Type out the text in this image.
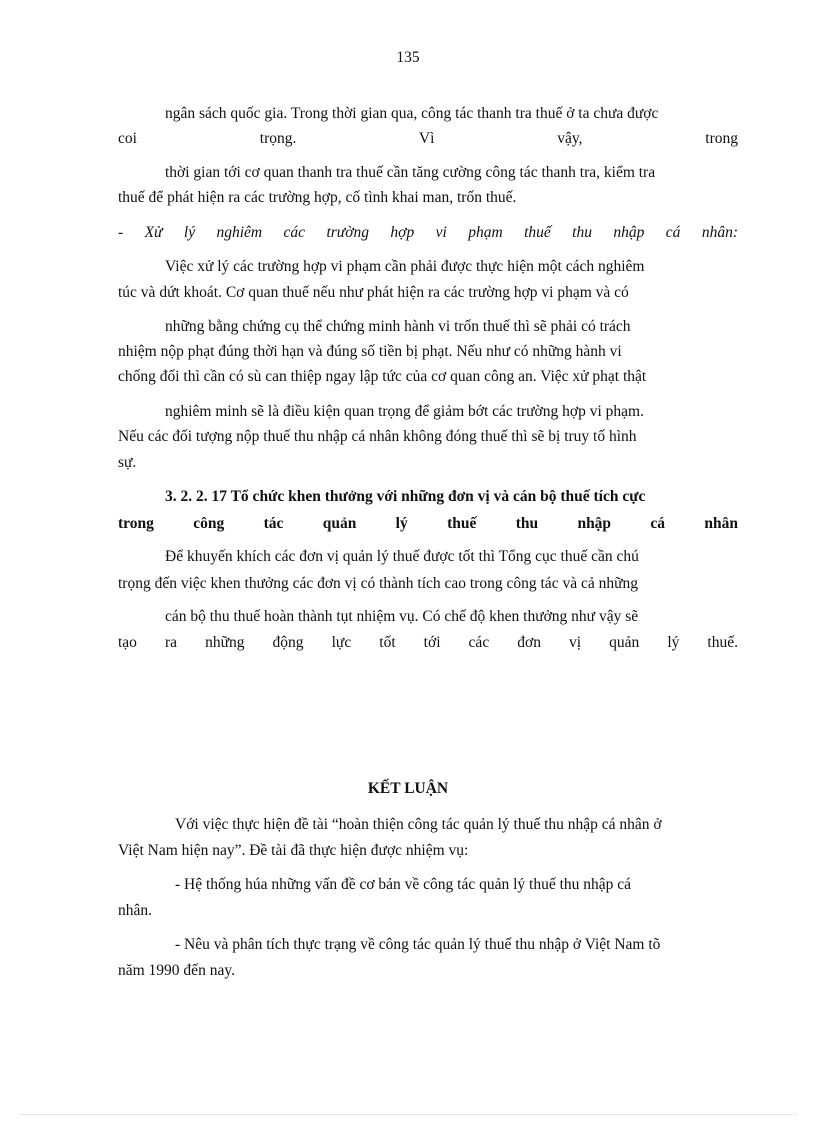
135
ngân sách quốc gia. Trong thời gian qua, công tác thanh tra thuế ở ta chưa được
coi trọng. Vì vậy, trong
thời gian tới cơ quan thanh tra thuế cần tăng cường công tác thanh tra, kiểm tra
thuế để phát hiện ra các trường hợp, cố tình khai man, trốn thuế.
- Xử lý nghiêm các trường hợp vi phạm thuế thu nhập cá nhân:
Việc xử lý các trường hợp vi phạm cần phải được thực hiện một cách nghiêm
túc và dứt khoát. Cơ quan thuế nếu như phát hiện ra các trường hợp vi phạm và có
những bằng chứng cụ thể chứng minh hành vi trốn thuế thì sẽ phải có trách
nhiệm nộp phạt đúng thời hạn và đúng số tiền bị phạt. Nếu như có những hành vi
chống đối thì cần có sù can thiệp ngay lập tức của cơ quan công an. Việc xử phạt thật
nghiêm minh sẽ là điều kiện quan trọng để giảm bớt các trường hợp vi phạm.
Nếu các đối tượng nộp thuế thu nhập cá nhân không đóng thuế thì sẽ bị truy tố hình
sự.
3. 2. 2. 17 Tổ chức khen thưởng với những đơn vị và cán bộ thuế tích cực
trong công tác quản lý thuế thu nhập cá nhân
Để khuyến khích các đơn vị quản lý thuế được tốt thì Tổng cục thuế cần chú
trọng đến việc khen thưởng các đơn vị có thành tích cao trong công tác và cả những
cán bộ thu thuế hoàn thành tụt nhiệm vụ. Có chế độ khen thưởng như vậy sẽ
tạo ra những động lực tốt tới các đơn vị quản lý thuế.
KẾT LUẬN
Với việc thực hiện đề tài “hoàn thiện công tác quản lý thuế thu nhập cá nhân ở
Việt Nam hiện nay”. Đề tài đã thực hiện được nhiệm vụ:
- Hệ thống húa những vấn đề cơ bản về công tác quản lý thuế thu nhập cá
nhân.
- Nêu và phân tích thực trạng về công tác quản lý thuế thu nhập ở Việt Nam tõ
năm 1990 đến nay.
